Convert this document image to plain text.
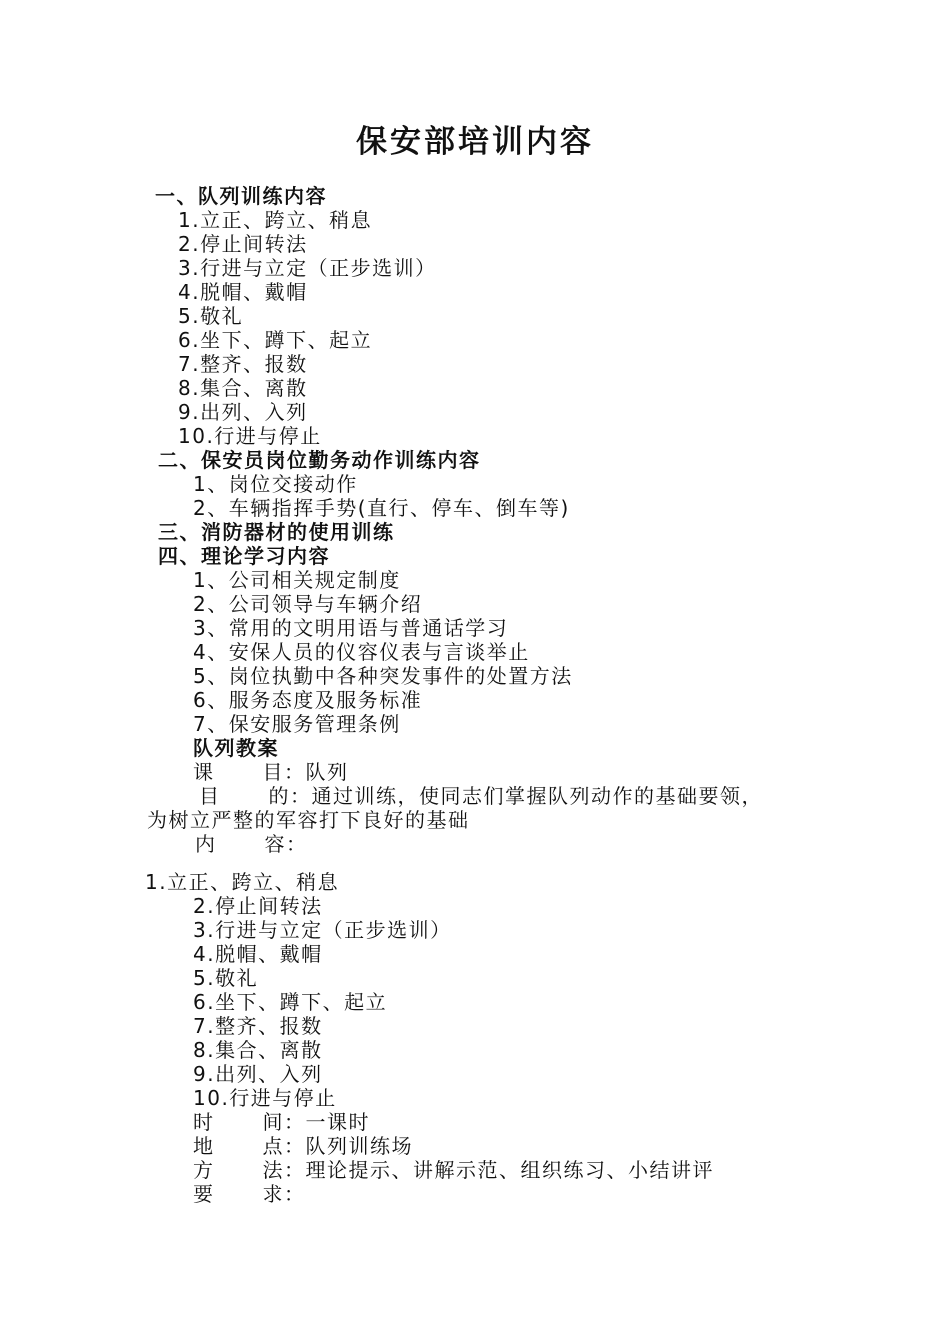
保安部培训内容
一、队列训练内容
1.立正、跨立、稍息
2.停止间转法
3.行进与立定（正步选训）
4.脱帽、戴帽
5.敬礼
6.坐下、蹲下、起立
7.整齐、报数
8.集合、离散
9.出列、入列
10.行进与停止
二、保安员岗位勤务动作训练内容
1、岗位交接动作
2、车辆指挥手势(直行、停车、倒车等)
三、消防器材的使用训练
四、理论学习内容
1、公司相关规定制度
2、公司领导与车辆介绍
3、常用的文明用语与普通话学习
4、安保人员的仪容仪表与言谈举止
5、岗位执勤中各种突发事件的处置方法
6、服务态度及服务标准
7、保安服务管理条例
队列教案
课 目：队列
目 的：通过训练，使同志们掌握队列动作的基础要领，
为树立严整的军容打下良好的基础
内 容：
1.立正、跨立、稍息
2.停止间转法
3.行进与立定（正步选训）
4.脱帽、戴帽
5.敬礼
6.坐下、蹲下、起立
7.整齐、报数
8.集合、离散
9.出列、入列
10.行进与停止
时 间：一课时
地 点：队列训练场
方 法：理论提示、讲解示范、组织练习、小结讲评
要 求：
